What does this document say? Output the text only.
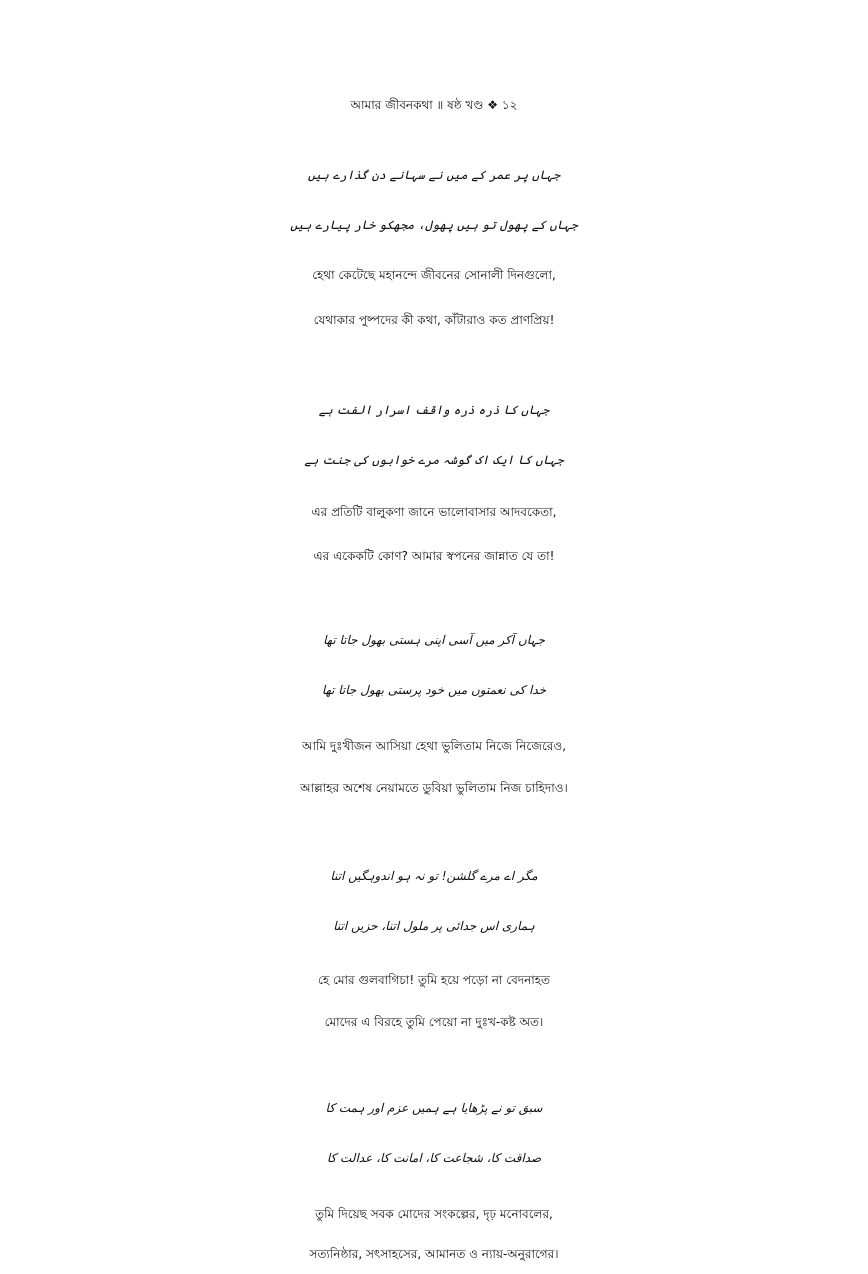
আমার জীবনকথা ॥ ষষ্ঠ খণ্ড ❖ ১২
جہاں پر عمر کے میں نے سہانے دن گذارے ہیں
جہاں کے پھول تو ہیں پھول، مجھکو خار پیارے ہیں
হেথা কেটেছে মহানন্দে জীবনের সোনালী দিনগুলো,
যেথাকার পুষ্পদের কী কথা, কাঁটারাও কত প্রাণপ্রিয়!
جہاں کا ذرہ ذرہ واقف اسرار الفت ہے
جہاں کا ایک اک گوشہ مرے خوابوں کی جنت ہے
এর প্রতিটি বালুকণা জানে ভালোবাসার আদবকেতা,
এর একেকটি কোণ? আমার স্বপনের জান্নাত যে তা!
جہاں آکر میں آسی اپنی ہستی بھول جاتا تھا
خدا کی نعمتوں میں خود پرستی بھول جاتا تھا
আমি দুঃখীজন আসিয়া হেথা ভুলিতাম নিজে নিজেরেও,
আল্লাহর অশেষ নেয়ামতে ডুবিয়া ভুলিতাম নিজ চাহিদাও।
مگر اے مرے گلشن! تو نہ ہو اندوہگیں اتنا
ہماری اس جدائی پر ملول اتنا، حزیں اتنا
হে মোর গুলবাগিচা! তুমি হয়ে পড়ো না বেদনাহত
মোদের এ বিরহে তুমি পেয়ো না দুঃখ-কষ্ট অত।
سبق تو نے پڑھایا ہے ہمیں عزم اور ہمت کا
صداقت کا، شجاعت کا، امانت کا، عدالت کا
তুমি দিয়েছ সবক মোদের সংকল্পের, দৃঢ় মনোবলের,
সত্যনিষ্ঠার, সৎসাহসের, আমানত ও ন্যায়-অনুরাগের।
